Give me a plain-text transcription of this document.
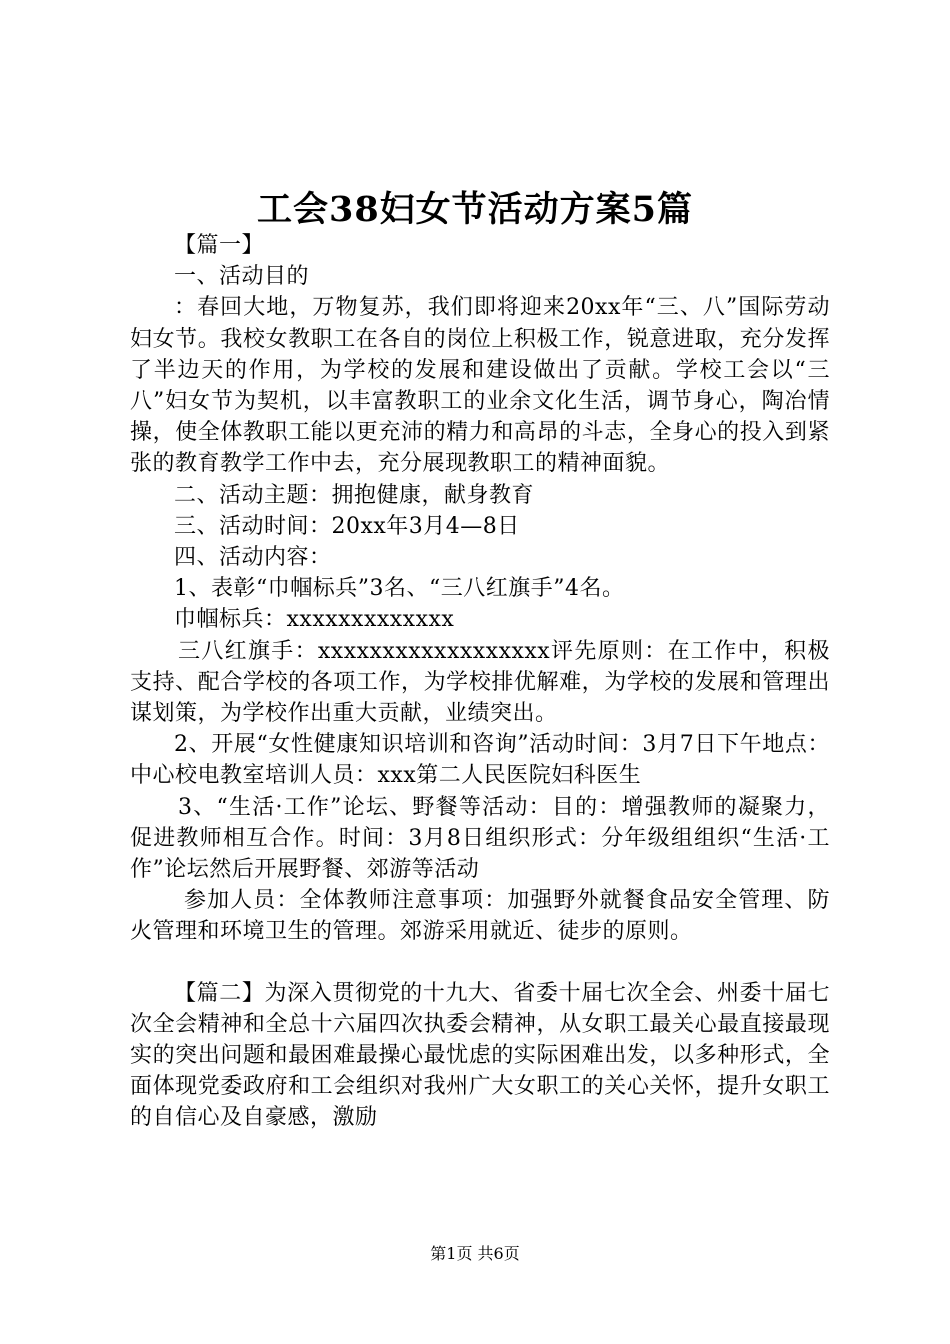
工会38妇女节活动方案5篇

【篇一】

一、活动目的

：春回大地，万物复苏，我们即将迎来20xx年“三、八”国际劳动妇女节。我校女教职工在各自的岗位上积极工作，锐意进取，充分发挥了半边天的作用，为学校的发展和建设做出了贡献。学校工会以“三八”妇女节为契机，以丰富教职工的业余文化生活，调节身心，陶冶情操，使全体教职工能以更充沛的精力和高昂的斗志，全身心的投入到紧张的教育教学工作中去，充分展现教职工的精神面貌。

二、活动主题：拥抱健康，献身教育

三、活动时间：20xx年3月4—8日

四、活动内容：

1、表彰“巾帼标兵”3名、“三八红旗手”4名。

巾帼标兵：xxxxxxxxxxxxx

三八红旗手：xxxxxxxxxxxxxxxxxx评先原则：在工作中，积极支持、配合学校的各项工作，为学校排优解难，为学校的发展和管理出谋划策，为学校作出重大贡献，业绩突出。

2、开展“女性健康知识培训和咨询”活动时间：3月7日下午地点：中心校电教室培训人员：xxx第二人民医院妇科医生

3、“生活·工作”论坛、野餐等活动：目的：增强教师的凝聚力，促进教师相互合作。时间：3月8日组织形式：分年级组组织“生活·工作”论坛然后开展野餐、郊游等活动

参加人员：全体教师注意事项：加强野外就餐食品安全管理、防火管理和环境卫生的管理。郊游采用就近、徒步的原则。

【篇二】为深入贯彻党的十九大、省委十届七次全会、州委十届七次全会精神和全总十六届四次执委会精神，从女职工最关心最直接最现实的突出问题和最困难最操心最忧虑的实际困难出发，以多种形式，全面体现党委政府和工会组织对我州广大女职工的关心关怀，提升女职工的自信心及自豪感，激励

第1页 共6页
